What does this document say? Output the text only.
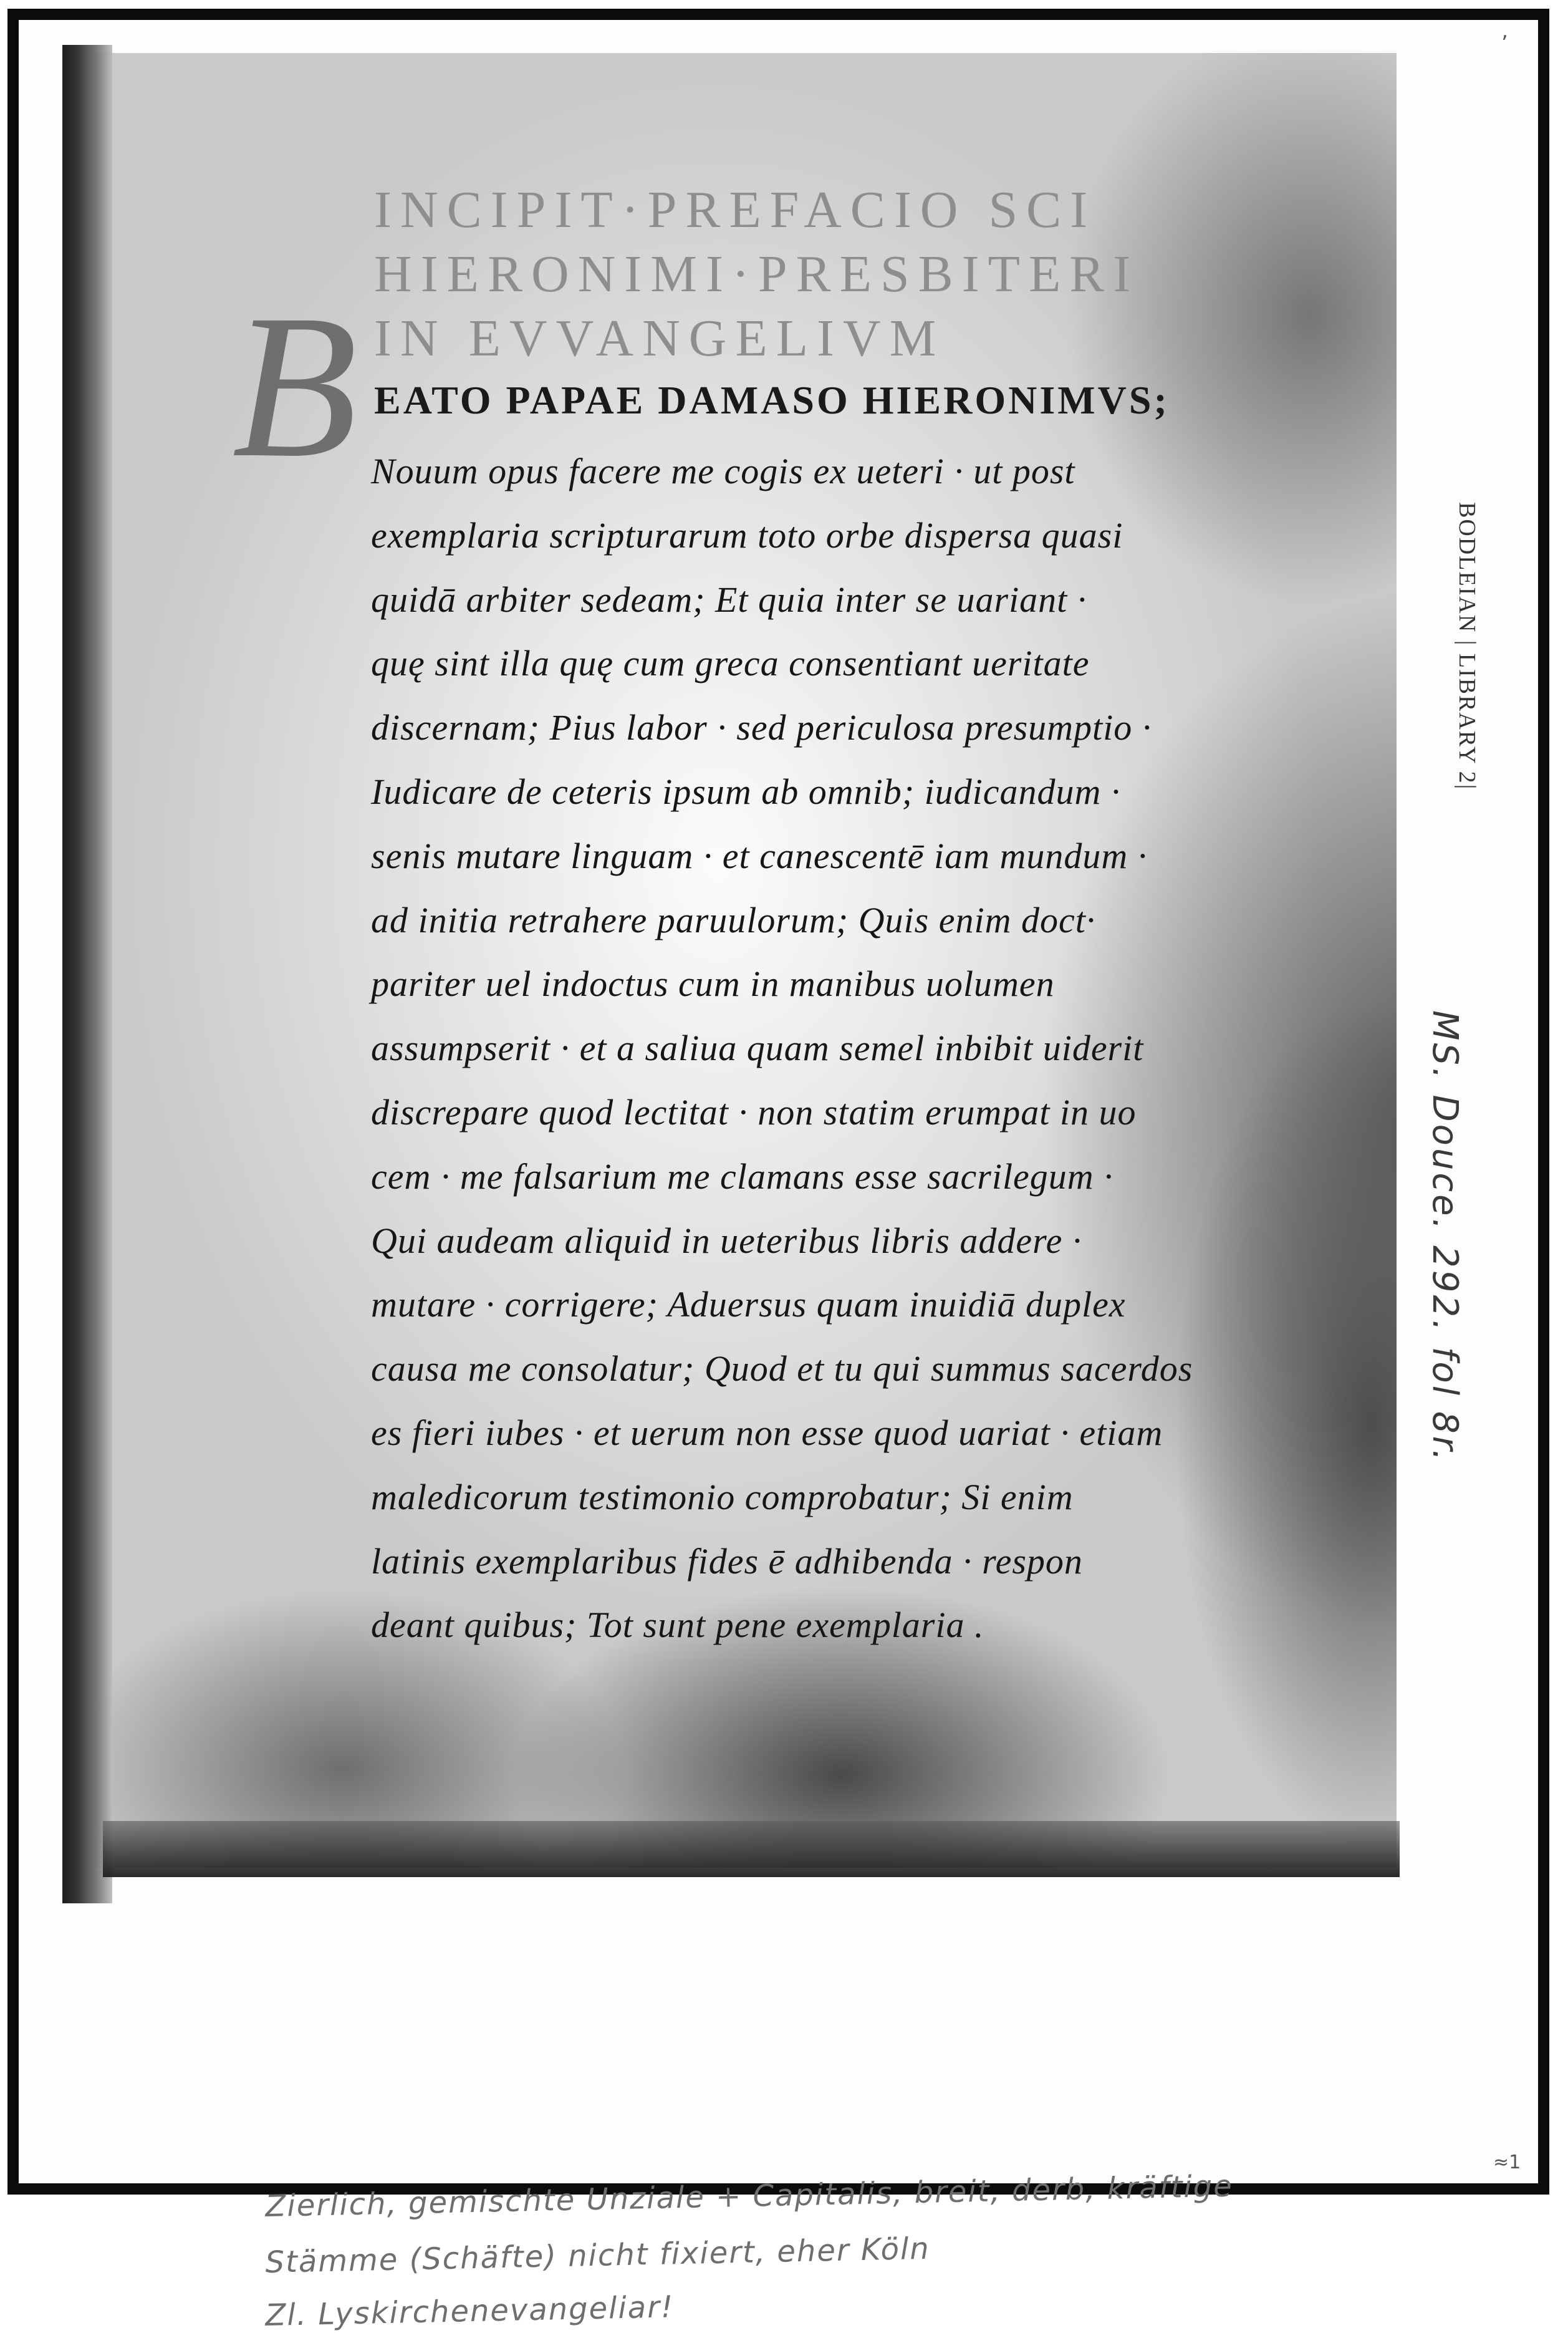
ʼ

INCIPIT·PREFACIO SCI

HIERONIMI·PRESBITERI

IN EVVANGELIVM

B EATO PAPAE DAMASO HIERONIMVS;
Nouum opus facere me cogis ex ueteri · ut post
exemplaria scripturarum toto orbe dispersa quasi
quidā arbiter sedeam; Et quia inter se uariant ·
quę sint illa quę cum greca consentiant ueritate
discernam; Pius labor · sed periculosa presumptio ·
Iudicare de ceteris ipsum ab omnib; iudicandum ·
senis mutare linguam · et canescentē iam mundum ·
ad initia retrahere paruulorum; Quis enim doct·
pariter uel indoctus cum in manibus uolumen
assumpserit · et a saliua quam semel inbibit uiderit
discrepare quod lectitat · non statim erumpat in uo
cem · me falsarium me clamans esse sacrilegum ·
Qui audeam aliquid in ueteribus libris addere ·
mutare · corrigere; Aduersus quam inuidiā duplex
causa me consolatur; Quod et tu qui summus sacerdos
es fieri iubes · et uerum non esse quod uariat · etiam
maledicorum testimonio comprobatur; Si enim
latinis exemplaribus fides ē adhibenda · respon
deant quibus; Tot sunt pene exemplaria .
BODLEIAN | LIBRARY 2|
MS. Douce. 292. fol 8r.
Zierlich, gemischte Unziale + Capitalis, breit, derb, kräftige
Stämme (Schäfte) nicht fixiert, eher Köln
Zl. Lyskirchenevangeliar!
≈1
